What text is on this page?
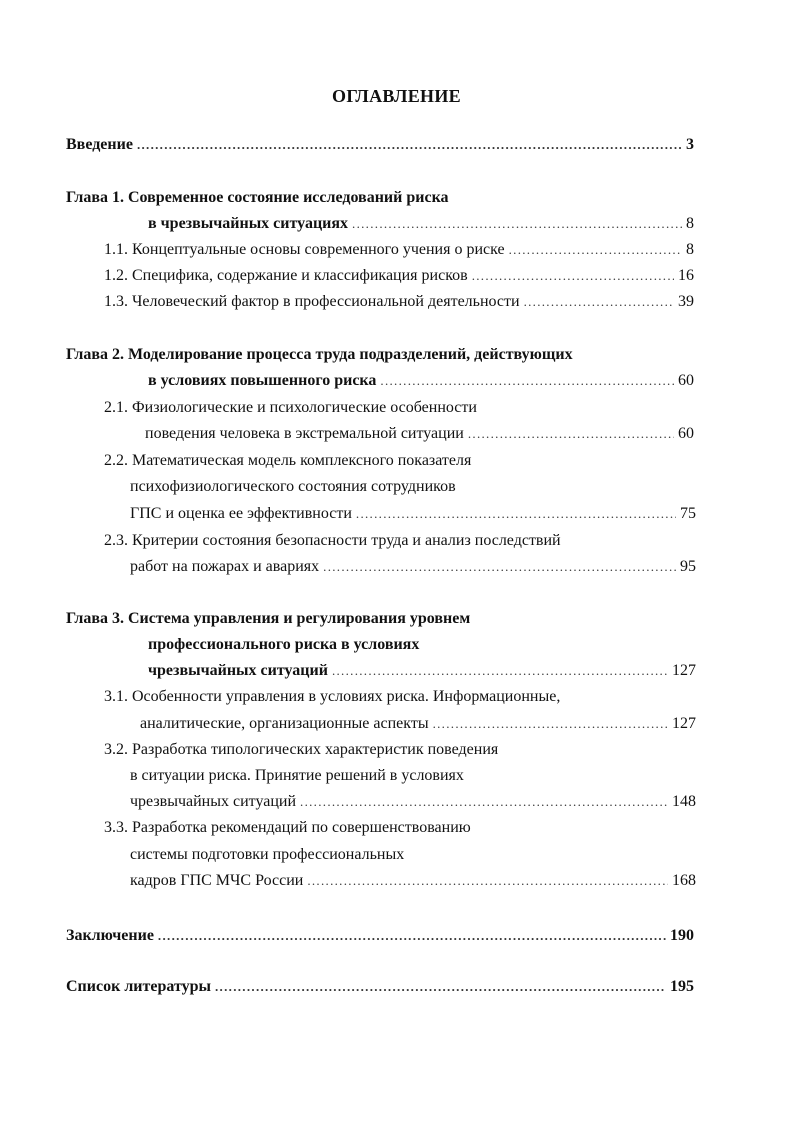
ОГЛАВЛЕНИЕ
Введение .....	3
Глава 1. Современное состояние исследований риска
в чрезвычайных ситуациях .....	8
1.1. Концептуальные основы современного учения о риске .....	8
1.2. Специфика, содержание и классификация рисков .....	16
1.3. Человеческий фактор в профессиональной деятельности .....	39
Глава 2. Моделирование процесса труда подразделений, действующих
в условиях повышенного риска .....	60
2.1. Физиологические и психологические особенности
поведения человека в экстремальной ситуации .....	60
2.2. Математическая модель комплексного показателя
психофизиологического состояния сотрудников
ГПС и оценка ее эффективности .....	75
2.3. Критерии состояния безопасности труда и анализ последствий
работ на пожарах и авариях .....	95
Глава 3. Система управления и регулирования уровнем
профессионального риска в условиях
чрезвычайных ситуаций .....	127
3.1. Особенности управления в условиях риска. Информационные,
аналитические, организационные аспекты .....	127
3.2. Разработка типологических характеристик поведения
в ситуации риска. Принятие решений в условиях
чрезвычайных ситуаций .....	148
3.3. Разработка рекомендаций по совершенствованию
системы подготовки профессиональных
кадров ГПС МЧС России .....	168
Заключение .....	190
Список литературы .....	195
